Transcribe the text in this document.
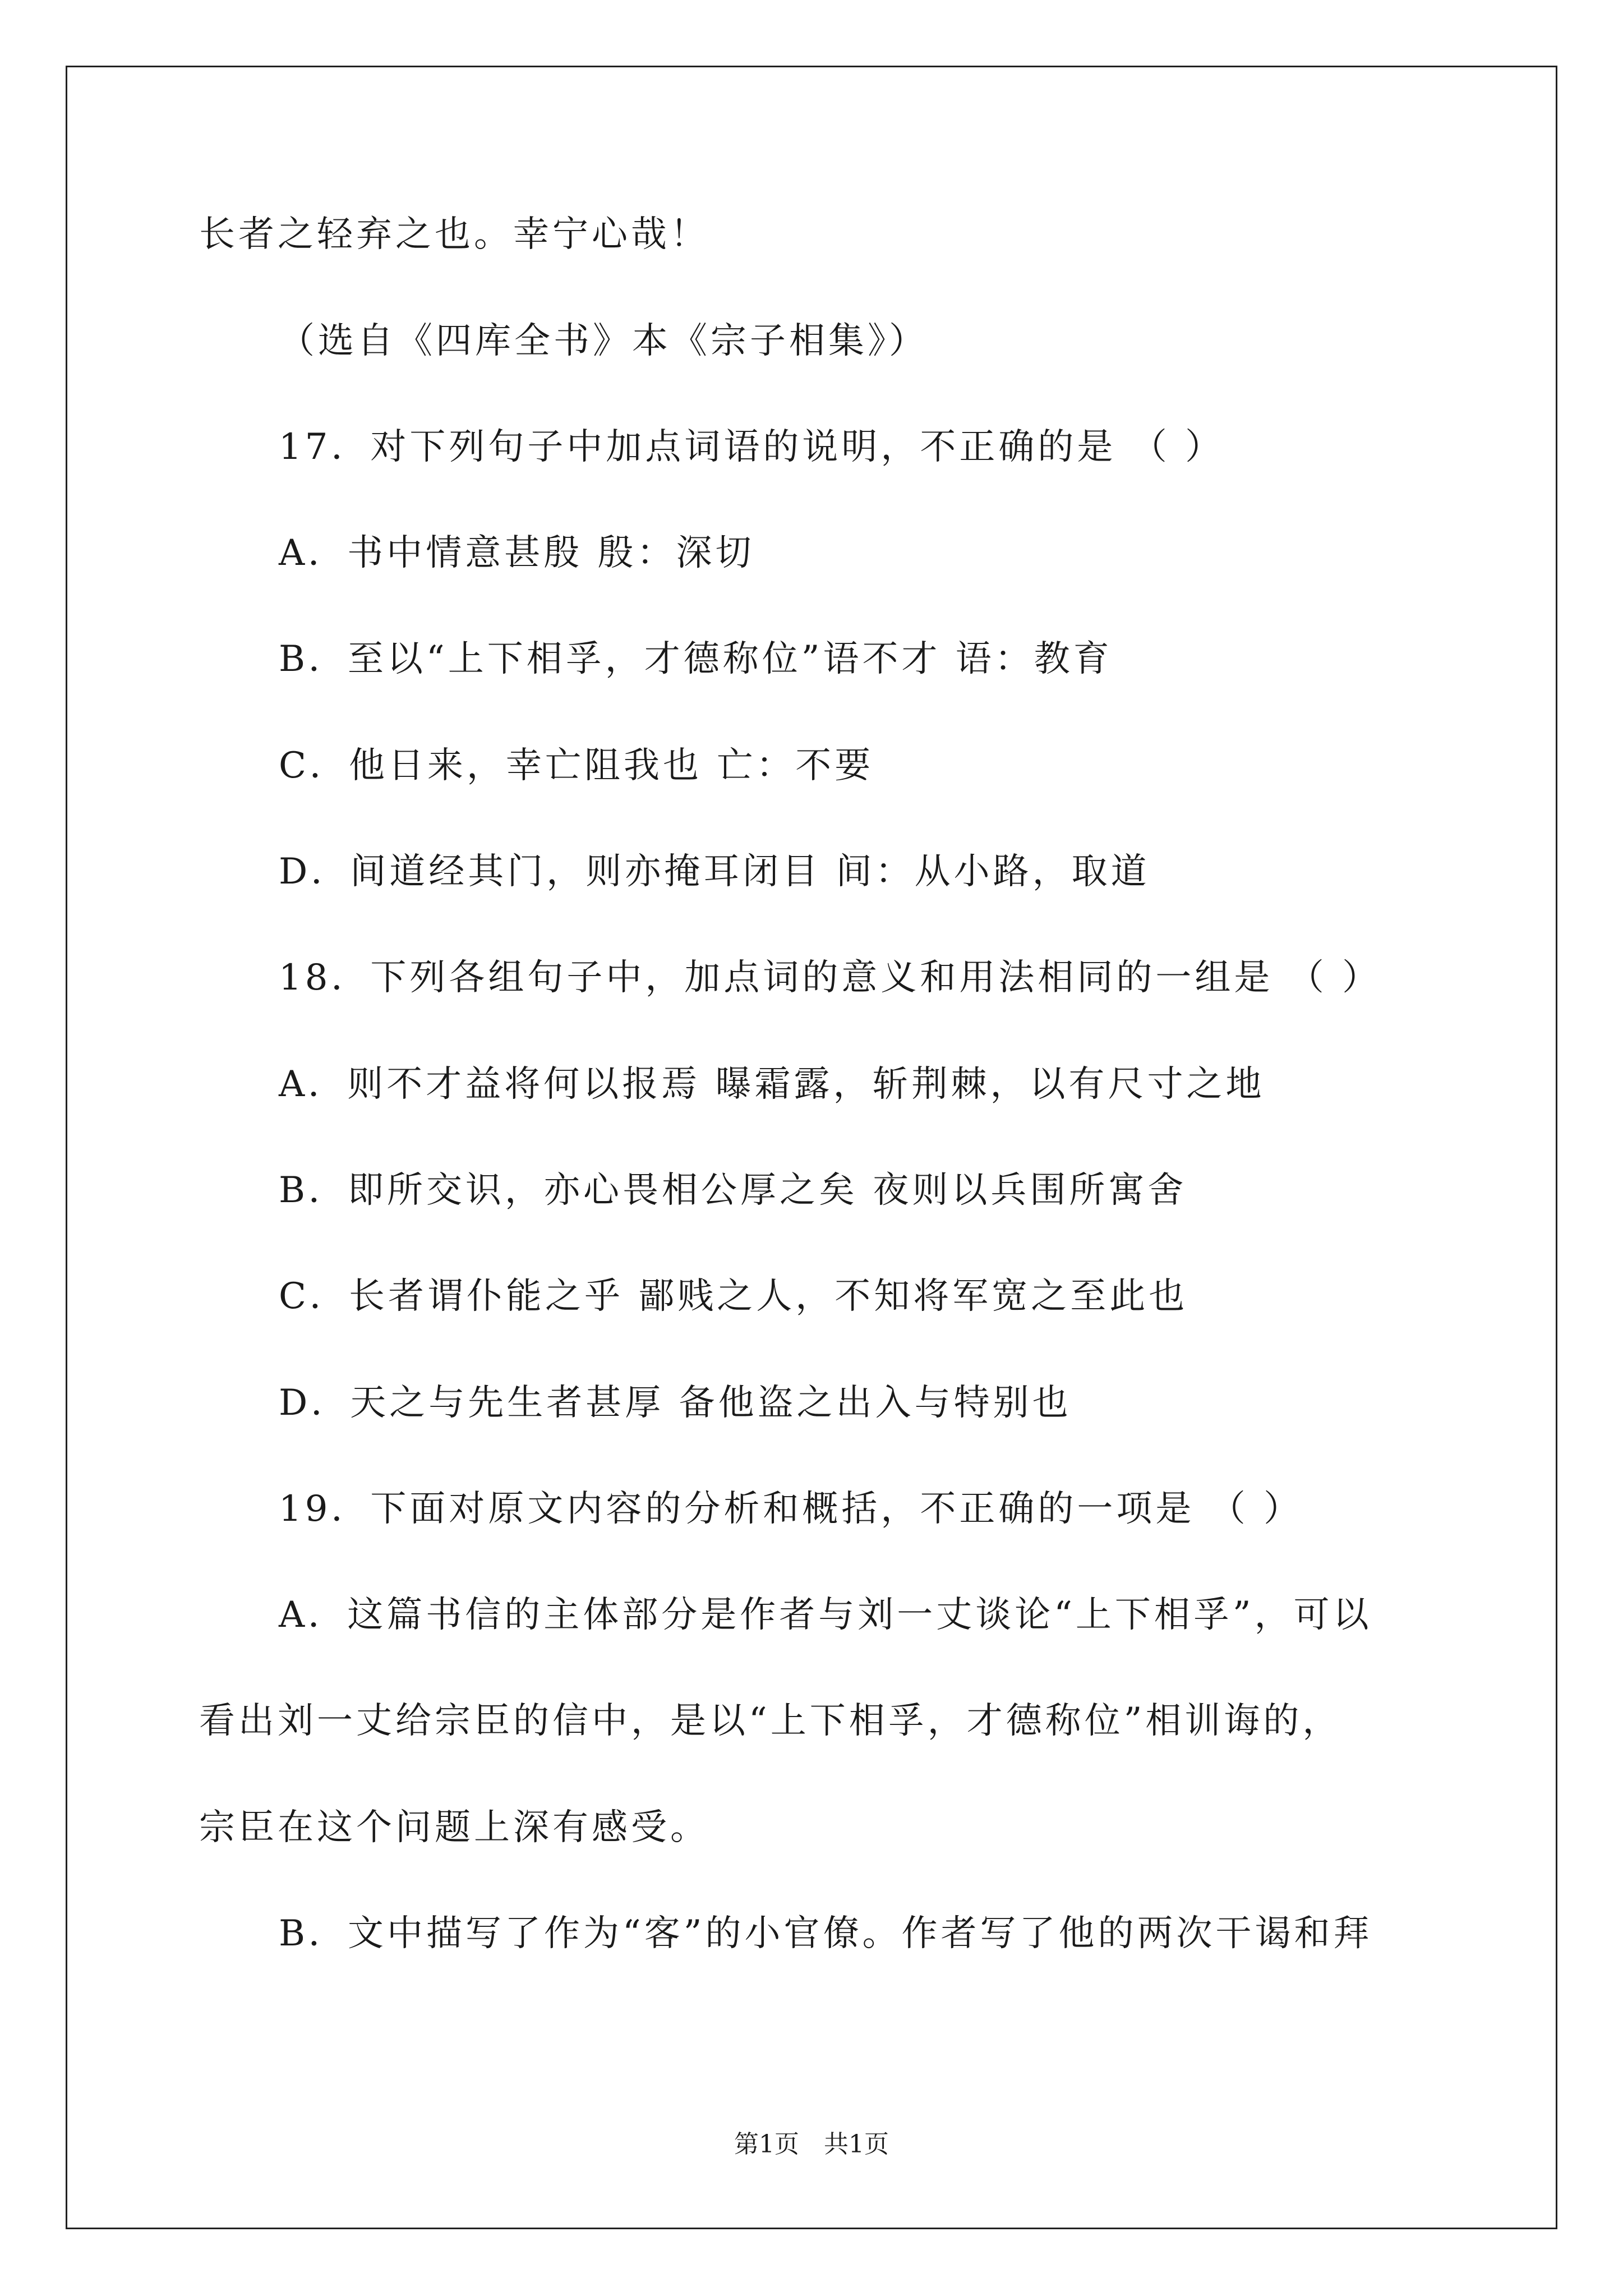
长者之轻弃之也。幸宁心哉！
（选自《四库全书》本《宗子相集》）
17．对下列句子中加点词语的说明，不正确的是 （ ）
A．书中情意甚殷 殷：深切
B．至以“上下相孚，才德称位”语不才 语：教育
C．他日来，幸亡阻我也 亡：不要
D．间道经其门，则亦掩耳闭目 间：从小路，取道
18．下列各组句子中，加点词的意义和用法相同的一组是 （ ）
A．则不才益将何以报焉 曝霜露，斩荆棘，以有尺寸之地
B．即所交识，亦心畏相公厚之矣 夜则以兵围所寓舍
C．长者谓仆能之乎 鄙贱之人，不知将军宽之至此也
D．天之与先生者甚厚 备他盗之出入与特别也
19．下面对原文内容的分析和概括，不正确的一项是 （ ）
A．这篇书信的主体部分是作者与刘一丈谈论“上下相孚”，可以
看出刘一丈给宗臣的信中，是以“上下相孚，才德称位”相训诲的，
宗臣在这个问题上深有感受。
B．文中描写了作为“客”的小官僚。作者写了他的两次干谒和拜
第1页　共1页
